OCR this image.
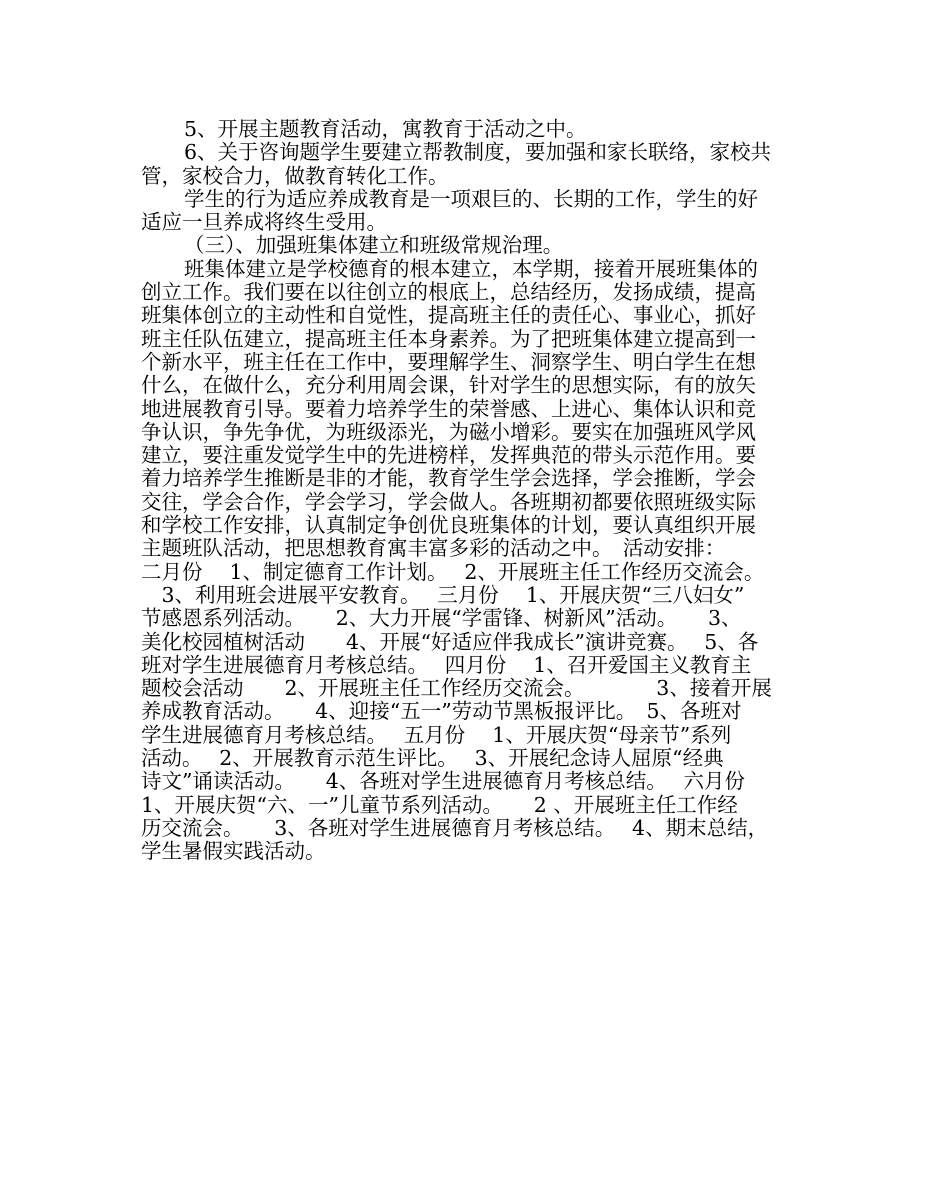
5、开展主题教育活动，寓教育于活动之中。
6、关于咨询题学生要建立帮教制度，要加强和家长联络，家校共
管，家校合力，做教育转化工作。
学生的行为适应养成教育是一项艰巨的、长期的工作，学生的好
适应一旦养成将终生受用。
（三）、加强班集体建立和班级常规治理。
班集体建立是学校德育的根本建立，本学期，接着开展班集体的
创立工作。我们要在以往创立的根底上，总结经历，发扬成绩，提高
班集体创立的主动性和自觉性，提高班主任的责任心、事业心，抓好
班主任队伍建立，提高班主任本身素养。为了把班集体建立提高到一
个新水平，班主任在工作中，要理解学生、洞察学生、明白学生在想
什么，在做什么，充分利用周会课，针对学生的思想实际，有的放矢
地进展教育引导。要着力培养学生的荣誉感、上进心、集体认识和竞
争认识，争先争优，为班级添光，为磁小增彩。要实在加强班风学风
建立，要注重发觉学生中的先进榜样，发挥典范的带头示范作用。要
着力培养学生推断是非的才能，教育学生学会选择，学会推断，学会
交往，学会合作，学会学习，学会做人。各班期初都要依照班级实际
和学校工作安排，认真制定争创优良班集体的计划，要认真组织开展
主题班队活动，把思想教育寓丰富多彩的活动之中。　活动安排：
二月份　 1、制定德育工作计划。　 2、开展班主任工作经历交流会。
　3、利用班会进展平安教育。　 三月份　 1、开展庆贺“三八妇女”
节感恩系列活动。　　2、大力开展“学雷锋、树新风”活动。　　3、
美化校园植树活动　　4、开展“好适应伴我成长”演讲竞赛。　 5、各
班对学生进展德育月考核总结。　 四月份　 1、召开爱国主义教育主
题校会活动　　2、开展班主任工作经历交流会。　　　　3、接着开展
养成教育活动。　　4、迎接“五一”劳动节黑板报评比。　5、各班对
学生进展德育月考核总结。　 五月份　 1、开展庆贺“母亲节”系列
活动。　 2、开展教育示范生评比。　 3、开展纪念诗人屈原“经典
诗文”诵读活动。　　4、各班对学生进展德育月考核总结。　 六月份
1、开展庆贺“六、一”儿童节系列活动。　　2 、开展班主任工作经
历交流会。　　3、各班对学生进展德育月考核总结。　 4、期末总结，
学生暑假实践活动。
